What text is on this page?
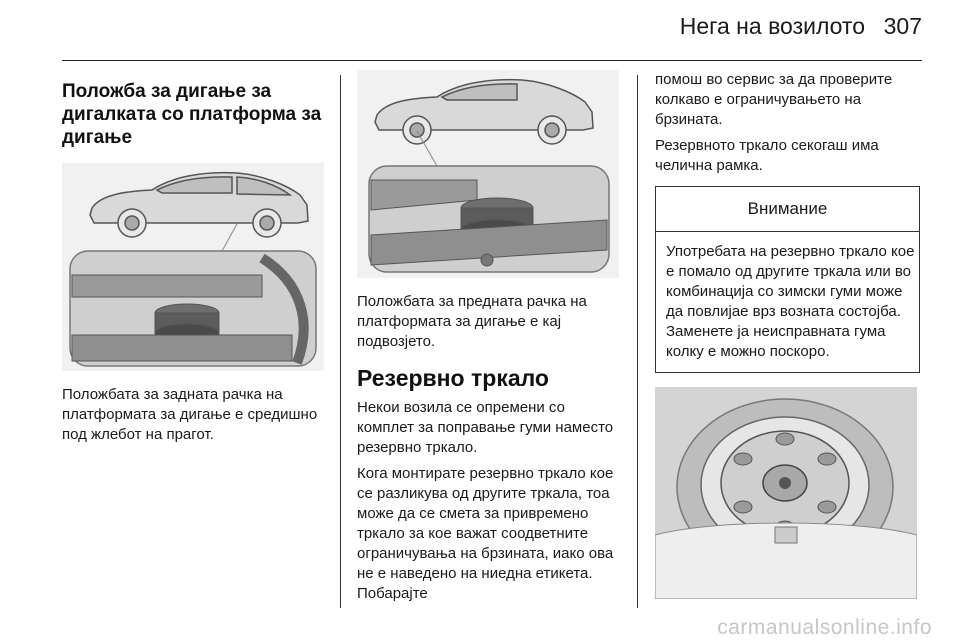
Нега на возилото 307
Положба за дигање за дигалката со платформа за дигање

Положбата за задната рачка на платформата за дигање е средишно под жлебот на прагот.

Положбата за предната рачка на платформата за дигање е кај подвозјето.

Резервно тркало

Некои возила се опремени со комплет за поправање гуми наместо резервно тркало.

Кога монтирате резервно тркало кое се разликува од другите тркала, тоа може да се смета за привремено тркало за кое важат соодветните ограничувања на брзината, иако ова не е наведено на ниедна етикета. Побарајте

помош во сервис за да проверите колкаво е ограничувањето на брзината.

Резервното тркало секогаш има челична рамка.

Внимание
Употребата на резервно тркало кое е помало од другите тркала или во комбинација со зимски гуми може да повлијае врз возната состојба. Заменете ја неисправната гума колку е можно поскоро.
carmanualsonline.info
